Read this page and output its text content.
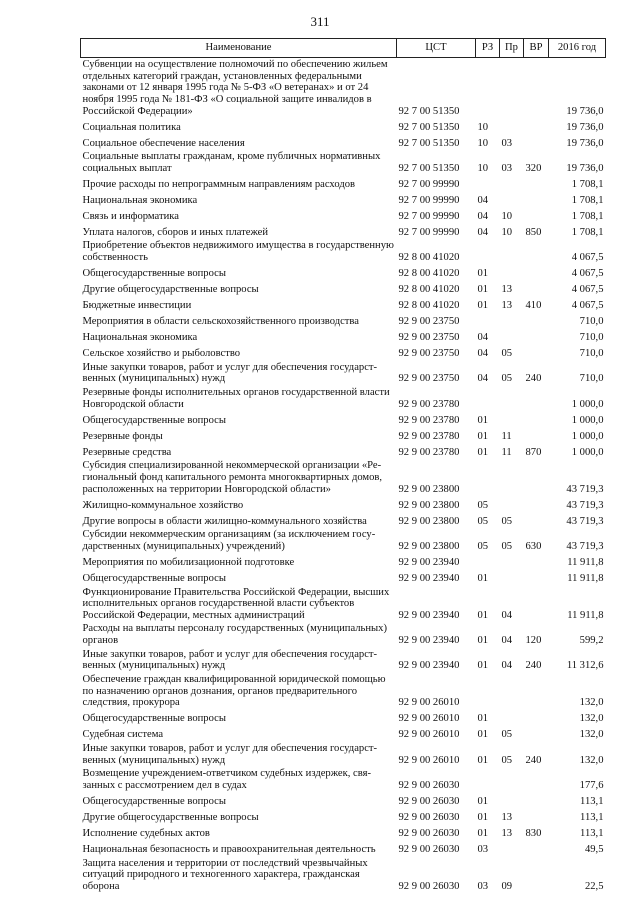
311
Наименование	ЦСТ	РЗ	Пр	ВР	2016 год
Субвенции на осуществление полномочий по обеспечению жильем отдельных категорий граждан, установленных федеральными законами от 12 января 1995 года № 5-ФЗ «О ветеранах» и от 24 ноября 1995 года № 181-ФЗ «О социальной защите инвалидов в Российской Федерации»	92 7 00 51350				19 736,0
Социальная политика	92 7 00 51350	10			19 736,0
Социальное обеспечение населения	92 7 00 51350	10	03		19 736,0
Социальные выплаты гражданам, кроме публичных нормативных социальных выплат	92 7 00 51350	10	03	320	19 736,0
Прочие расходы по непрограммным направлениям расходов	92 7 00 99990				1 708,1
Национальная экономика	92 7 00 99990	04			1 708,1
Связь и информатика	92 7 00 99990	04	10		1 708,1
Уплата налогов, сборов и иных платежей	92 7 00 99990	04	10	850	1 708,1
Приобретение объектов недвижимого имущества в государственную собственность	92 8 00 41020				4 067,5
Общегосударственные вопросы	92 8 00 41020	01			4 067,5
Другие общегосударственные вопросы	92 8 00 41020	01	13		4 067,5
Бюджетные инвестиции	92 8 00 41020	01	13	410	4 067,5
Мероприятия в области сельскохозяйственного производства	92 9 00 23750				710,0
Национальная экономика	92 9 00 23750	04			710,0
Сельское хозяйство и рыболовство	92 9 00 23750	04	05		710,0
Иные закупки товаров, работ и услуг для обеспечения государственных (муниципальных) нужд	92 9 00 23750	04	05	240	710,0
Резервные фонды исполнительных органов государственной власти Новгородской области	92 9 00 23780				1 000,0
Общегосударственные вопросы	92 9 00 23780	01			1 000,0
Резервные фонды	92 9 00 23780	01	11		1 000,0
Резервные средства	92 9 00 23780	01	11	870	1 000,0
Субсидия специализированной некоммерческой организации «Региональный фонд капитального ремонта многоквартирных домов, расположенных на территории Новгородской области»	92 9 00 23800				43 719,3
Жилищно-коммунальное хозяйство	92 9 00 23800	05			43 719,3
Другие вопросы в области жилищно-коммунального хозяйства	92 9 00 23800	05	05		43 719,3
Субсидии некоммерческим организациям (за исключением государственных (муниципальных) учреждений)	92 9 00 23800	05	05	630	43 719,3
Мероприятия по мобилизационной подготовке	92 9 00 23940				11 911,8
Общегосударственные вопросы	92 9 00 23940	01			11 911,8
Функционирование Правительства Российской Федерации, высших исполнительных органов государственной власти субъектов Российской Федерации, местных администраций	92 9 00 23940	01	04		11 911,8
Расходы на выплаты персоналу государственных (муниципальных) органов	92 9 00 23940	01	04	120	599,2
Иные закупки товаров, работ и услуг для обеспечения государственных (муниципальных) нужд	92 9 00 23940	01	04	240	11 312,6
Обеспечение граждан квалифицированной юридической помощью по назначению органов дознания, органов предварительного следствия, прокурора	92 9 00 26010				132,0
Общегосударственные вопросы	92 9 00 26010	01			132,0
Судебная система	92 9 00 26010	01	05		132,0
Иные закупки товаров, работ и услуг для обеспечения государственных (муниципальных) нужд	92 9 00 26010	01	05	240	132,0
Возмещение учреждением-ответчиком судебных издержек, связанных с рассмотрением дел в судах	92 9 00 26030				177,6
Общегосударственные вопросы	92 9 00 26030	01			113,1
Другие общегосударственные вопросы	92 9 00 26030	01	13		113,1
Исполнение судебных актов	92 9 00 26030	01	13	830	113,1
Национальная безопасность и правоохранительная деятельность	92 9 00 26030	03			49,5
Защита населения и территории от последствий чрезвычайных ситуаций природного и техногенного характера, гражданская оборона	92 9 00 26030	03	09		22,5
